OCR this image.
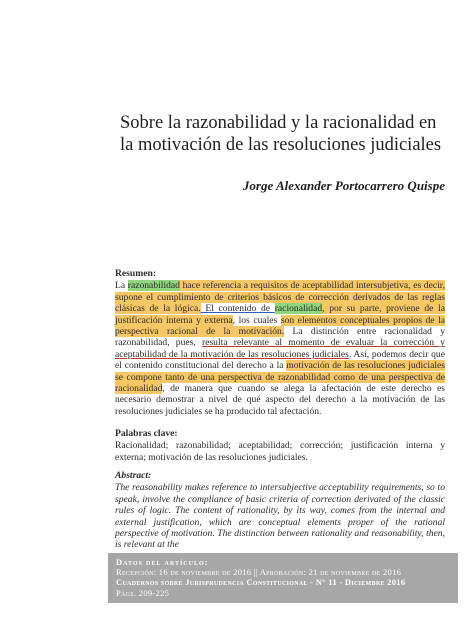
Sobre la razonabilidad y la racionalidad en la motivación de las resoluciones judiciales
Jorge Alexander Portocarrero Quispe
Resumen:

La razonabilidad hace referencia a requisitos de aceptabilidad intersubjetiva, es decir, supone el cumplimiento de criterios básicos de corrección derivados de las reglas clásicas de la lógica. El contenido de racionalidad, por su parte, proviene de la justificación interna y externa, los cuales son elementos conceptuales propios de la perspectiva racional de la motivación. La distinción entre racionalidad y razonabilidad, pues, resulta relevante al momento de evaluar la corrección y aceptabilidad de la motivación de las resoluciones judiciales. Así, podemos decir que el contenido constitucional del derecho a la motivación de las resoluciones judiciales se compone tanto de una perspectiva de razonabilidad como de una perspectiva de racionalidad, de manera que cuando se alega la afectación de este derecho es necesario demostrar a nivel de qué aspecto del derecho a la motivación de las resoluciones judiciales se ha producido tal afectación.

Palabras clave:

Racionalidad; razonabilidad; aceptabilidad; corrección; justificación interna y externa; motivación de las resoluciones judiciales.

Abstract:

The reasonability makes reference to intersubjective acceptability requirements, so to speak, involve the compliance of basic criteria of correction derivated of the classic rules of logic. The content of rationality, by its way, comes from the internal and external justification, which are conceptual elements proper of the rational perspective of motivation. The distinction between rationality and reasonability, then, is relevant at the

Datos del artículo:
Recepción: 16 de noviembre de 2016 || Aprobación: 21 de noviembre de 2016
Cuadernos sobre Jurisprudencia Constitucional - N° 11 - Diciembre 2016
Págs. 209-225
